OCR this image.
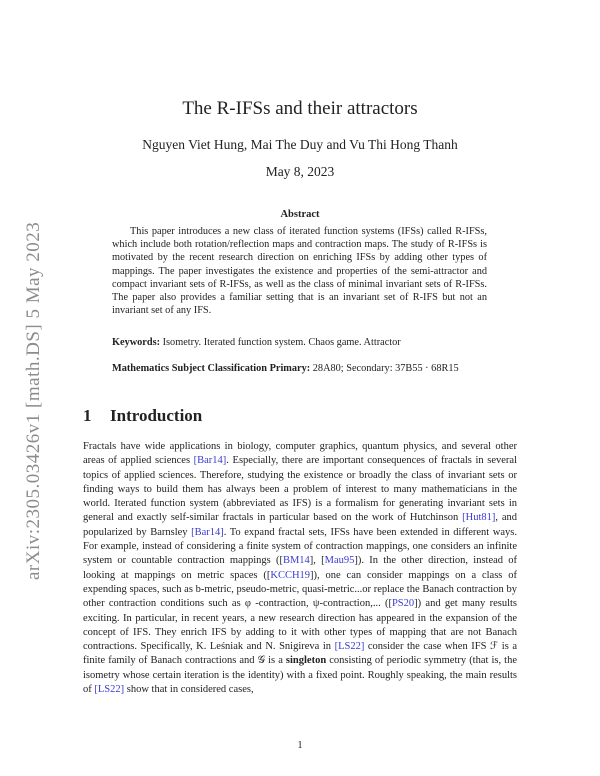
arXiv:2305.03426v1 [math.DS] 5 May 2023
The R-IFSs and their attractors
Nguyen Viet Hung, Mai The Duy and Vu Thi Hong Thanh
May 8, 2023
Abstract

This paper introduces a new class of iterated function systems (IFSs) called R-IFSs, which include both rotation/reflection maps and contraction maps. The study of R-IFSs is motivated by the recent research direction on enriching IFSs by adding other types of mappings. The paper investigates the existence and properties of the semi-attractor and compact invariant sets of R-IFSs, as well as the class of minimal invariant sets of R-IFSs. The paper also provides a familiar setting that is an invariant set of R-IFS but not an invariant set of any IFS.

Keywords: Isometry. Iterated function system. Chaos game. Attractor
Mathematics Subject Classification Primary: 28A80; Secondary: 37B55 · 68R15
1 Introduction

Fractals have wide applications in biology, computer graphics, quantum physics, and several other areas of applied sciences [Bar14]. Especially, there are important consequences of fractals in several topics of applied sciences. Therefore, studying the existence or broadly the class of invariant sets or finding ways to build them has always been a problem of interest to many mathematicians in the world. Iterated function system (abbreviated as IFS) is a formalism for generating invariant sets in general and exactly self-similar fractals in particular based on the work of Hutchinson [Hut81], and popularized by Barnsley [Bar14]. To expand fractal sets, IFSs have been extended in different ways. For example, instead of considering a finite system of contraction mappings, one considers an infinite system or countable contraction mappings ([BM14], [Mau95]). In the other direction, instead of looking at mappings on metric spaces ([KCCH19]), one can consider mappings on a class of expending spaces, such as b-metric, pseudo-metric, quasi-metric...or replace the Banach contraction by other contraction conditions such as φ -contraction, ψ-contraction,... ([PS20]) and get many results exciting. In particular, in recent years, a new research direction has appeared in the expansion of the concept of IFS. They enrich IFS by adding to it with other types of mapping that are not Banach contractions. Specifically, K. Leśniak and N. Snigireva in [LS22] consider the case when IFS ℱ is a finite family of Banach contractions and 𝒢 is a singleton consisting of periodic symmetry (that is, the isometry whose certain iteration is the identity) with a fixed point. Roughly speaking, the main results of [LS22] show that in considered cases,

1
